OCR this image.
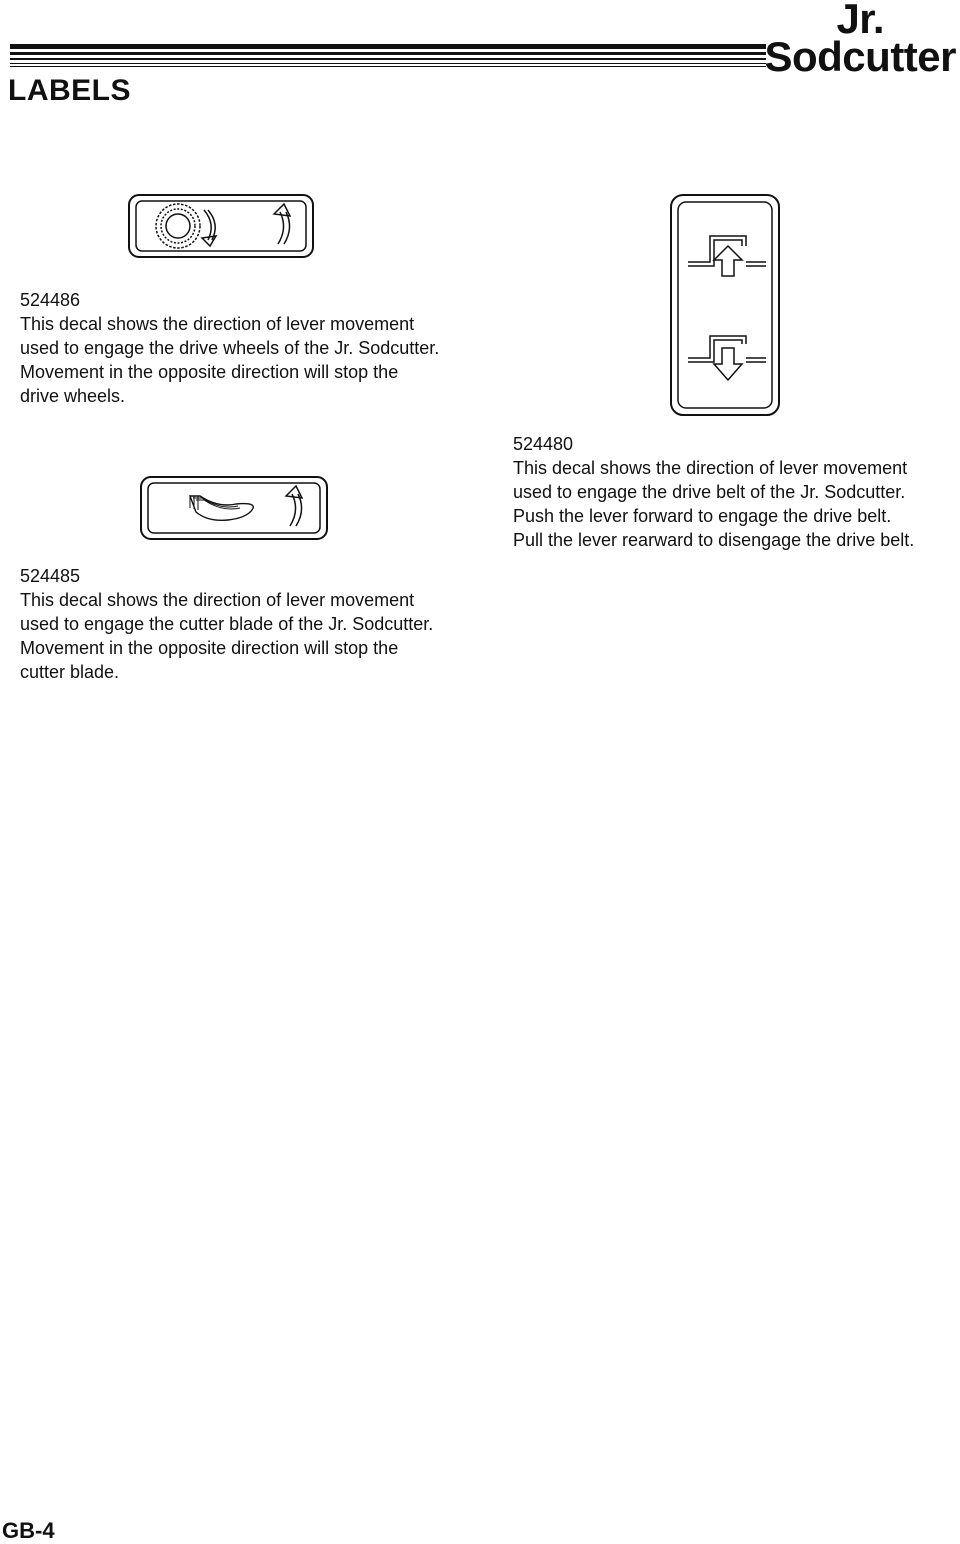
Jr.
Sodcutter
LABELS

524486

This decal shows the direction of lever movement

used to engage the drive wheels of the Jr. Sodcutter.

Movement in the opposite direction will stop the

drive wheels.

524485

This decal shows the direction of lever movement

used to engage the cutter blade of the Jr. Sodcutter.

Movement in the opposite direction will stop the

cutter blade.

524480

This decal shows the direction of lever movement

used to engage the drive belt of the Jr. Sodcutter.

Push the lever forward to engage the drive belt.

Pull the lever rearward to disengage the drive belt.

GB-4
